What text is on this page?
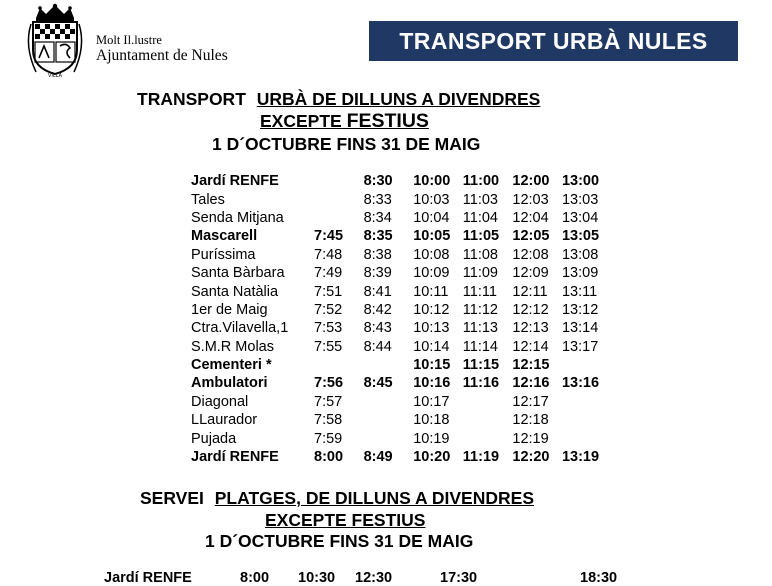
VILLA
Molt Il.lustre
Ajuntament de Nules
TRANSPORT URBÀ NULES
TRANSPORT URBÀ DE DILLUNS A DIVENDRES
EXCEPTE FESTIUS
1 D´OCTUBRE FINS 31 DE MAIG
Jardí RENFE		8:30	10:00	11:00	12:00	13:00
Tales		8:33	10:03	11:03	12:03	13:03
Senda Mitjana		8:34	10:04	11:04	12:04	13:04
Mascarell	7:45	8:35	10:05	11:05	12:05	13:05
Puríssima	7:48	8:38	10:08	11:08	12:08	13:08
Santa Bàrbara	7:49	8:39	10:09	11:09	12:09	13:09
Santa Natàlia	7:51	8:41	10:11	11:11	12:11	13:11
1er de Maig	7:52	8:42	10:12	11:12	12:12	13:12
Ctra.Vilavella,1	7:53	8:43	10:13	11:13	12:13	13:14
S.M.R Molas	7:55	8:44	10:14	11:14	12:14	13:17
Cementeri *			10:15	11:15	12:15	
Ambulatori	7:56	8:45	10:16	11:16	12:16	13:16
Diagonal	7:57		10:17		12:17	
LLaurador	7:58		10:18		12:18	
Pujada	7:59		10:19		12:19	
Jardí RENFE	8:00	8:49	10:20	11:19	12:20	13:19
SERVEI PLATGES, DE DILLUNS A DIVENDRES
EXCEPTE FESTIUS
1 D´OCTUBRE FINS 31 DE MAIG
Jardí RENFE	8:00 10:30 12:30	17:30	18:30
